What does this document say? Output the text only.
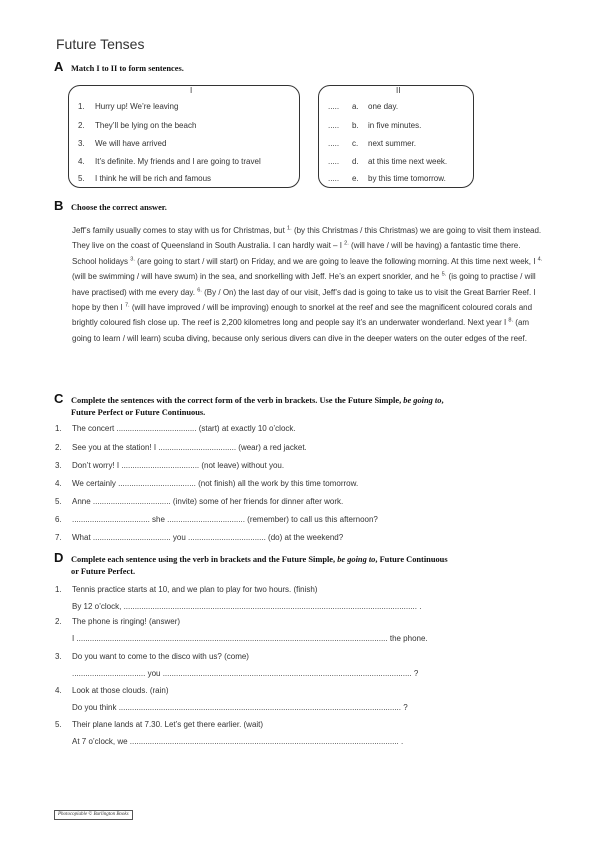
Future Tenses
A Match I to II to form sentences.
I	II
1. Hurry up! We’re leaving
2. They’ll be lying on the beach
3. We will have arrived
4. It’s definite. My friends and I are going to travel
5. I think he will be rich and famous
..... a. one day.
..... b. in five minutes.
..... c. next summer.
..... d. at this time next week.
..... e. by this time tomorrow.
B Choose the correct answer.
Jeff’s family usually comes to stay with us for Christmas, but $^{1.}$ (by this Christmas / this Christmas) we are going to visit them instead. They live on the coast of Queensland in South Australia. I can hardly wait – I $^{2.}$ (will have / will be having) a fantastic time there. School holidays $^{3.}$ (are going to start / will start) on Friday, and we are going to leave the following morning. At this time next week, I $^{4.}$ (will be swimming / will have swum) in the sea, and snorkelling with Jeff. He’s an expert snorkler, and he $^{5.}$ (is going to practise / will have practised) with me every day. $^{6.}$ (By / On) the last day of our visit, Jeff’s dad is going to take us to visit the Great Barrier Reef. I hope by then I $^{7.}$ (will have improved / will be improving) enough to snorkel at the reef and see the magnificent coloured corals and brightly coloured fish close up. The reef is 2,200 kilometres long and people say it’s an underwater wonderland. Next year I $^{8.}$ (am going to learn / will learn) scuba diving, because only serious divers can dive in the deeper waters on the outer edges of the reef.
C Complete the sentences with the correct form of the verb in brackets. Use the Future Simple, be going to,
Future Perfect or Future Continuous.
1. The concert .................................... (start) at exactly 10 o’clock.
2. See you at the station! I ................................... (wear) a red jacket.
3. Don’t worry! I ................................... (not leave) without you.
4. We certainly ................................... (not finish) all the work by this time tomorrow.
5. Anne ................................... (invite) some of her friends for dinner after work.
6. ................................... she ................................... (remember) to call us this afternoon?
7. What ................................... you ................................... (do) at the weekend?
D Complete each sentence using the verb in brackets and the Future Simple, be going to, Future Continuous
or Future Perfect.
1. Tennis practice starts at 10, and we plan to play for two hours. (finish)
By 12 o’clock, .................................................................................................................................... .
2. The phone is ringing! (answer)
I ............................................................................................................................................ the phone.
3. Do you want to come to the disco with us? (come)
................................. you ................................................................................................................ ?
4. Look at those clouds. (rain)
Do you think ............................................................................................................................... ?
5. Their plane lands at 7.30. Let’s get there earlier. (wait)
At 7 o’clock, we ......................................................................................................................... .
Photocopiable © Burlington Books
